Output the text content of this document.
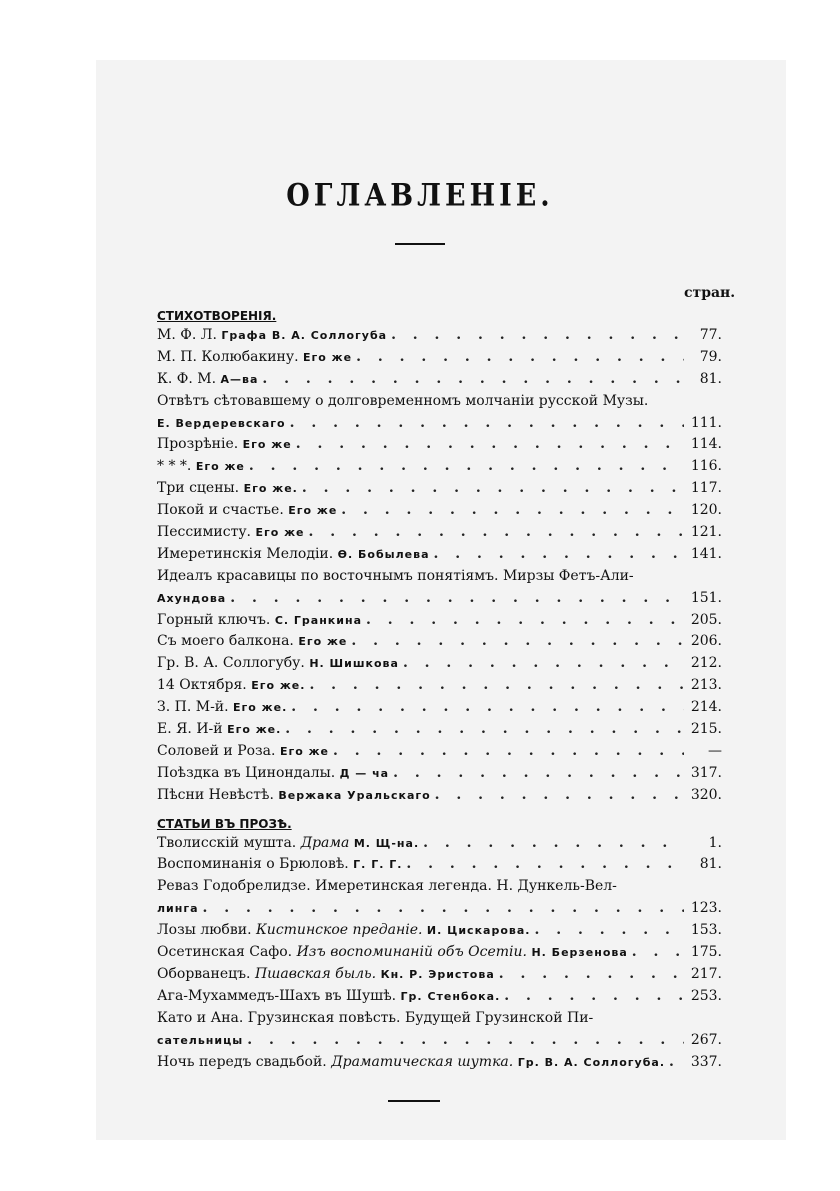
ОГЛАВЛЕНІЕ.
стран.
СТИХОТВОРЕНІЯ.
М. Ф. Л. Графа В. А. Соллогуба . . .	77.
М. П. Колюбакину. Его же . . .	79.
К. Ф. М. А—ва . . .	81.
Отвѣтъ сѣтовавшему о долговременномъ молчаніи русской Музы.
Е. Вердеревскаго . . .	111.
Прозрѣніе. Его же . . .	114.
* * *. Его же . . .	116.
Три сцены. Его же. . . .	117.
Покой и счастье. Его же . . .	120.
Пессимисту. Его же . . .	121.
Имеретинскія Мелодіи. Ѳ. Бобылева . . .	141.
Идеалъ красавицы по восточнымъ понятіямъ. Мирзы Фетъ-Али-
Ахундова . . .	151.
Горный ключъ. С. Гранкина . . .	205.
Съ моего балкона. Его же . . .	206.
Гр. В. А. Соллогубу. Н. Шишкова . . .	212.
14 Октября. Его же. . . .	213.
З. П. М-й. Его же. . . .	214.
Е. Я. И-й Его же. . . .	215.
Соловей и Роза. Его же . . .	—
Поѣздка въ Цинондалы. Д — ча . . .	317.
Пѣсни Невѣстѣ. Вержака Уральскаго . . .	320.
СТАТЬИ ВЪ ПРОЗѢ.
Тволисскій мушта. Драма М. Щ-на. . . .	1.
Воспоминанія о Брюловѣ. Г. Г. Г. . . .	81.
Реваз Годобрелидзе. Имеретинская легенда. Н. Дункель-Вел-
линга . . .	123.
Лозы любви. Кистинское преданіе. И. Цискарова. . . .	153.
Осетинская Сафо. Изъ воспоминаній объ Осетіи. Н. Берзенова . . .	175.
Оборванецъ. Пшавская быль. Кн. Р. Эристова . . .	217.
Ага-Мухаммедъ-Шахъ въ Шушѣ. Гр. Стенбока. . . .	253.
Като и Ана. Грузинская повѣсть. Будущей Грузинской Пи-
сательницы . . .	267.
Ночь передъ свадьбой. Драматическая шутка. Гр. В. А. Соллогуба. . . . 337.
